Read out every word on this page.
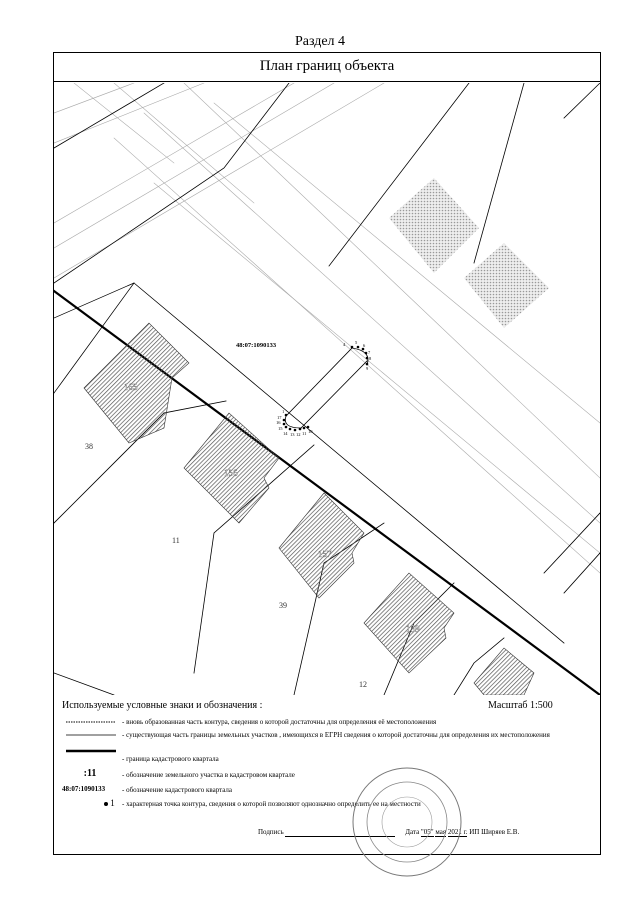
Раздел 4
План границ объекта
48:07:1090133
165
156
157
159
38
11
39
12
4 5
6
7
8
9
1
17
16
15
14 13 12 11 10
Используемые условные знаки и обозначения :	Масштаб 1:500
- вновь образованная часть контура, сведения о которой достаточны для определения её местоположения
- существующая часть границы земельных участков , имеющихся в ЕГРН сведения о которой достаточны для определения их местоположения
- граница кадастрового квартала
:11	- обозначение земельного участка в кадастровом квартале
48:07:1090133	- обозначение кадастрового квартала
1 - характерная точка контура, сведения о которой позволяют однозначно определить ее на местности
Подпись	Дата "05" мая 2021 г. ИП Ширяев Е.В.
